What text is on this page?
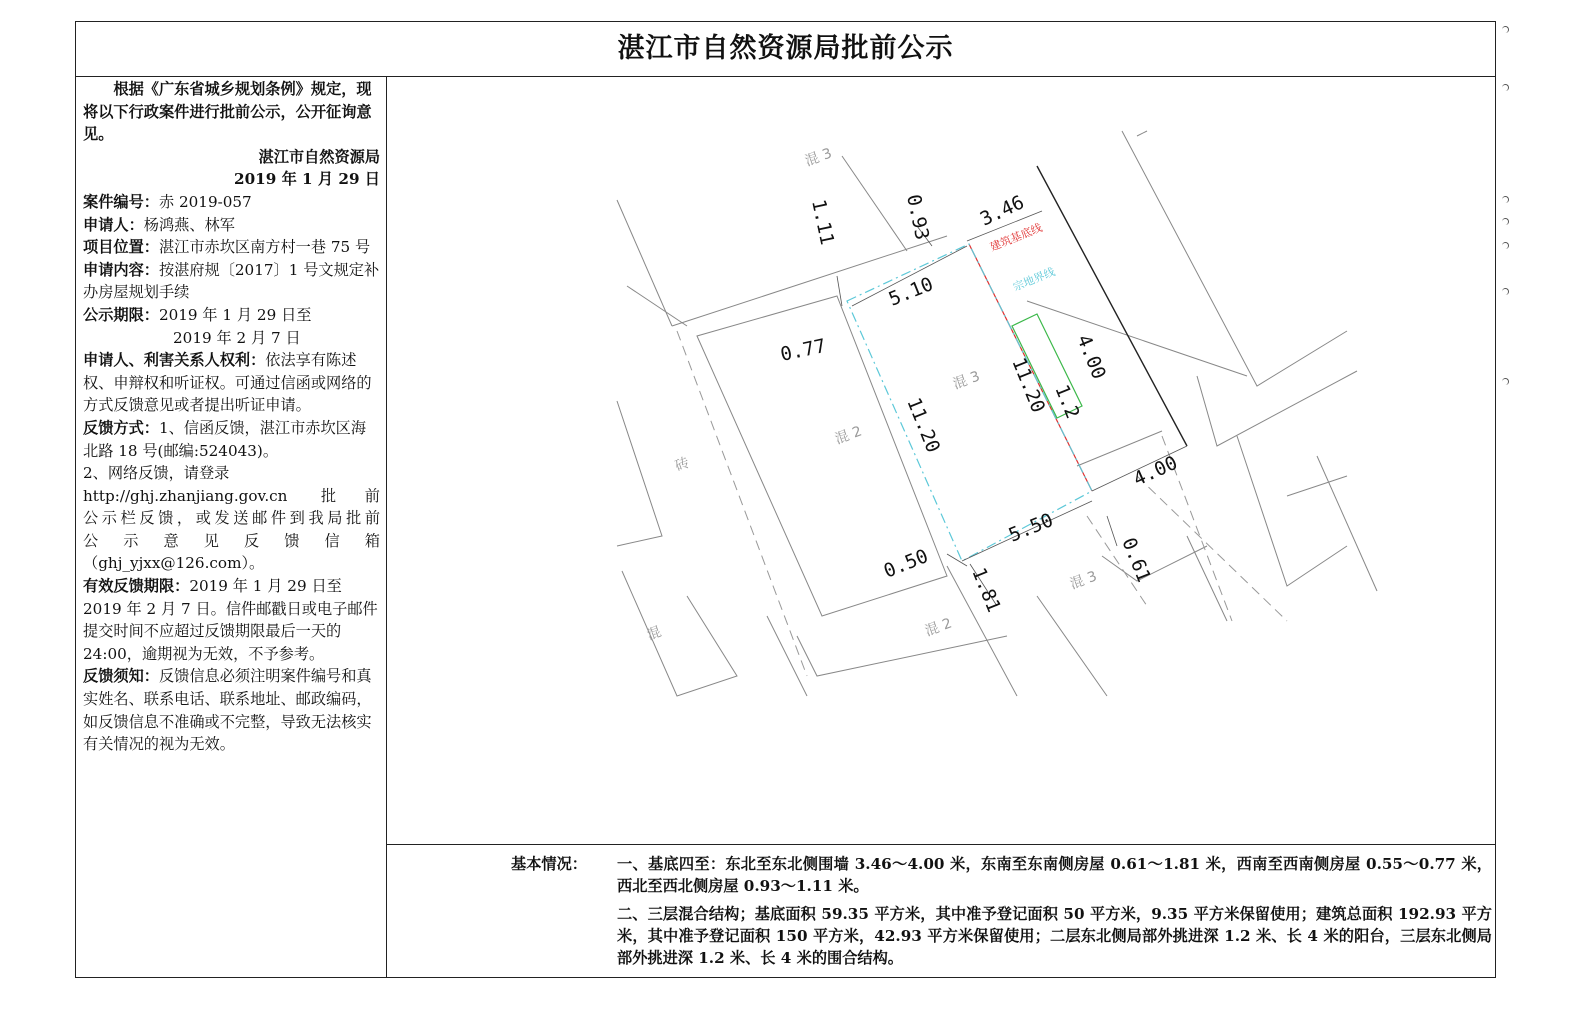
湛江市自然资源局批前公示

根据《广东省城乡规划条例》规定，现将以下行政案件进行批前公示，公开征询意见。

湛江市自然资源局

2019 年 1 月 29 日

案件编号：赤 2019-057

申请人：杨鸿燕、林军

项目位置：湛江市赤坎区南方村一巷 75 号

申请内容：按湛府规〔2017〕1 号文规定补办房屋规划手续

公示期限：2019 年 1 月 29 日至

2019 年 2 月 7 日

申请人、利害关系人权利：依法享有陈述权、申辩权和听证权。可通过信函或网络的方式反馈意见或者提出听证申请。

反馈方式：1、信函反馈，湛江市赤坎区海北路 18 号(邮编:524043)。

2、网络反馈，请登录

http://ghj.zhanjiang.gov.cn 批前

公示栏反馈，或发送邮件到我局批前

公 示 意 见 反 馈 信 箱

（ghj_yjxx@126.com）。

有效反馈期限：2019 年 1 月 29 日至 2019 年 2 月 7 日。信件邮戳日或电子邮件提交时间不应超过反馈期限最后一天的 24:00，逾期视为无效，不予参考。

反馈须知：反馈信息必须注明案件编号和真实姓名、联系电话、联系地址、邮政编码，如反馈信息不准确或不完整，导致无法核实有关情况的视为无效。

0.93 3.46
1.11
5.10
0.77
11.20
11.20 4.00
1.2
4.00
5.50
0.50	0.61
1.81
混 3
混 3
混 2
混 3
混 2
砖
混
建筑基底线
宗地界线
基本情况： 一、基底四至：东北至东北侧围墙 3.46～4.00 米，东南至东南侧房屋 0.61～1.81 米，西南至西南侧房屋 0.55～0.77 米，西北至西北侧房屋 0.93～1.11 米。

二、三层混合结构；基底面积 59.35 平方米，其中准予登记面积 50 平方米，9.35 平方米保留使用；建筑总面积 192.93 平方米，其中准予登记面积 150 平方米，42.93 平方米保留使用；二层东北侧局部外挑进深 1.2 米、长 4 米的阳台，三层东北侧局部外挑进深 1.2 米、长 4 米的围合结构。
